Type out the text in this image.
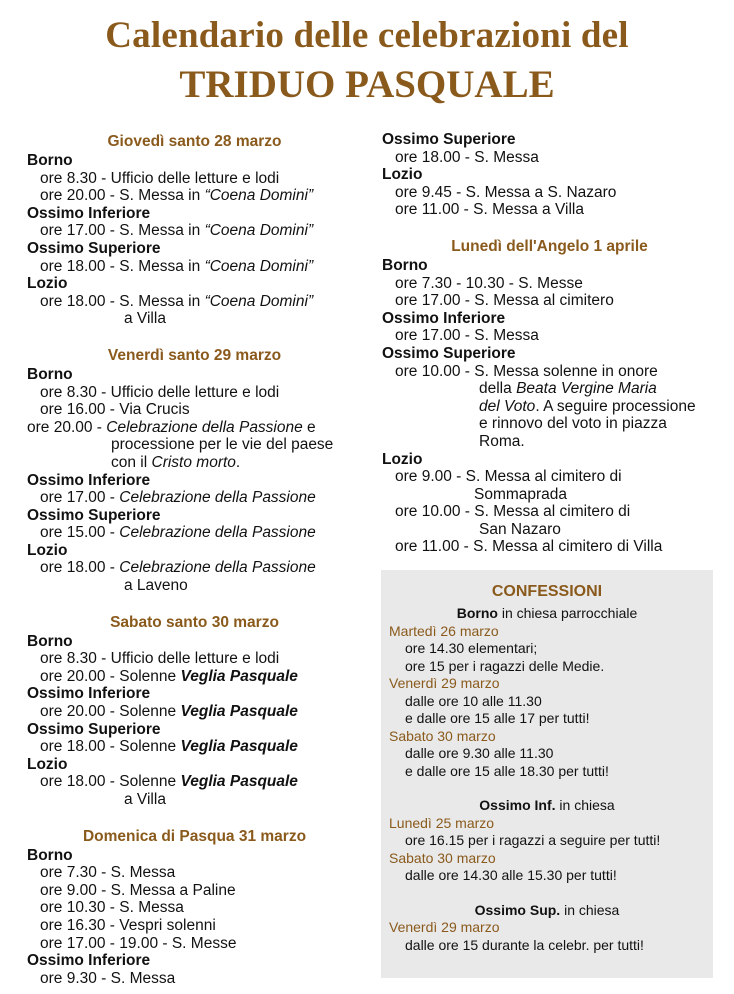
Calendario delle celebrazioni del
TRIDUO PASQUALE

Giovedì santo 28 marzo

Borno

ore 8.30 - Ufficio delle letture e lodi

ore 20.00 - S. Messa in “Coena Domini”

Ossimo Inferiore

ore 17.00 - S. Messa in “Coena Domini”

Ossimo Superiore

ore 18.00 - S. Messa in “Coena Domini”

Lozio

ore 18.00 - S. Messa in “Coena Domini”

a Villa

Venerdì santo 29 marzo

Borno

ore 8.30 - Ufficio delle letture e lodi

ore 16.00 - Via Crucis

ore 20.00 - Celebrazione della Passione e

processione per le vie del paese

con il Cristo morto.

Ossimo Inferiore

ore 17.00 - Celebrazione della Passione

Ossimo Superiore

ore 15.00 - Celebrazione della Passione

Lozio

ore 18.00 - Celebrazione della Passione

a Laveno

Sabato santo 30 marzo

Borno

ore 8.30 - Ufficio delle letture e lodi

ore 20.00 - Solenne Veglia Pasquale

Ossimo Inferiore

ore 20.00 - Solenne Veglia Pasquale

Ossimo Superiore

ore 18.00 - Solenne Veglia Pasquale

Lozio

ore 18.00 - Solenne Veglia Pasquale

a Villa

Domenica di Pasqua 31 marzo

Borno

ore 7.30 - S. Messa

ore 9.00 - S. Messa a Paline

ore 10.30 - S. Messa

ore 16.30 - Vespri solenni

ore 17.00 - 19.00 - S. Messe

Ossimo Inferiore

ore 9.30 - S. Messa

Ossimo Superiore

ore 18.00 - S. Messa

Lozio

ore 9.45 - S. Messa a S. Nazaro

ore 11.00 - S. Messa a Villa

Lunedì dell'Angelo 1 aprile

Borno

ore 7.30 - 10.30 - S. Messe

ore 17.00 - S. Messa al cimitero

Ossimo Inferiore

ore 17.00 - S. Messa

Ossimo Superiore

ore 10.00 - S. Messa solenne in onore

della Beata Vergine Maria

del Voto. A seguire processione

e rinnovo del voto in piazza

Roma.

Lozio

ore 9.00 - S. Messa al cimitero di

Sommaprada

ore 10.00 - S. Messa al cimitero di

San Nazaro

ore 11.00 - S. Messa al cimitero di Villa

CONFESSIONI

Borno in chiesa parrocchiale

Martedì 26 marzo

ore 14.30 elementari;

ore 15 per i ragazzi delle Medie.

Venerdì 29 marzo

dalle ore 10 alle 11.30

e dalle ore 15 alle 17 per tutti!

Sabato 30 marzo

dalle ore 9.30 alle 11.30

e dalle ore 15 alle 18.30 per tutti!

Ossimo Inf. in chiesa

Lunedì 25 marzo

ore 16.15 per i ragazzi a seguire per tutti!

Sabato 30 marzo

dalle ore 14.30 alle 15.30 per tutti!

Ossimo Sup. in chiesa

Venerdì 29 marzo

dalle ore 15 durante la celebr. per tutti!
